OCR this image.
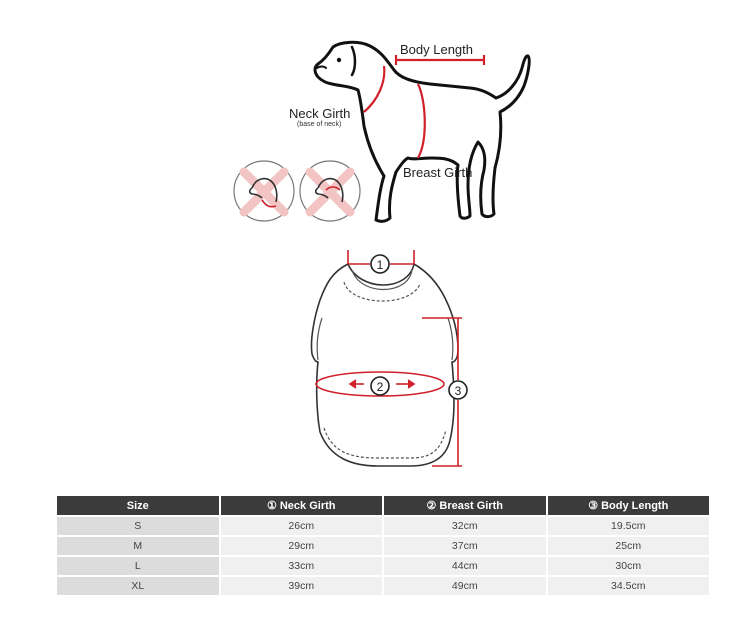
1
2	3
Body Length
Neck Girth
(base of neck)
Breast Girth
Size	① Neck Girth	② Breast Girth	③ Body Length
S	26cm	32cm	19.5cm
M	29cm	37cm	25cm
L	33cm	44cm	30cm
XL	39cm	49cm	34.5cm
